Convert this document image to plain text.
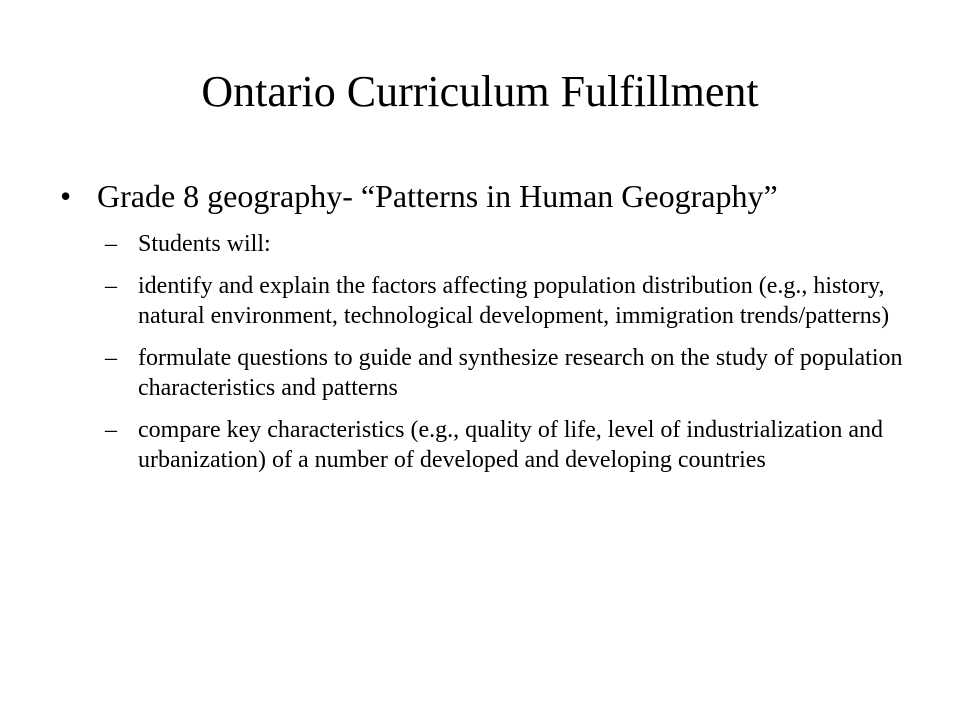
Ontario Curriculum Fulfillment
• Grade 8 geography- “Patterns in Human Geography”
– Students will:
– identify and explain the factors affecting population distribution (e.g., history, natural environment, technological development, immigration trends/patterns)
– formulate questions to guide and synthesize research on the study of population characteristics and patterns
– compare key characteristics (e.g., quality of life, level of industrialization and urbanization) of a number of developed and developing countries
